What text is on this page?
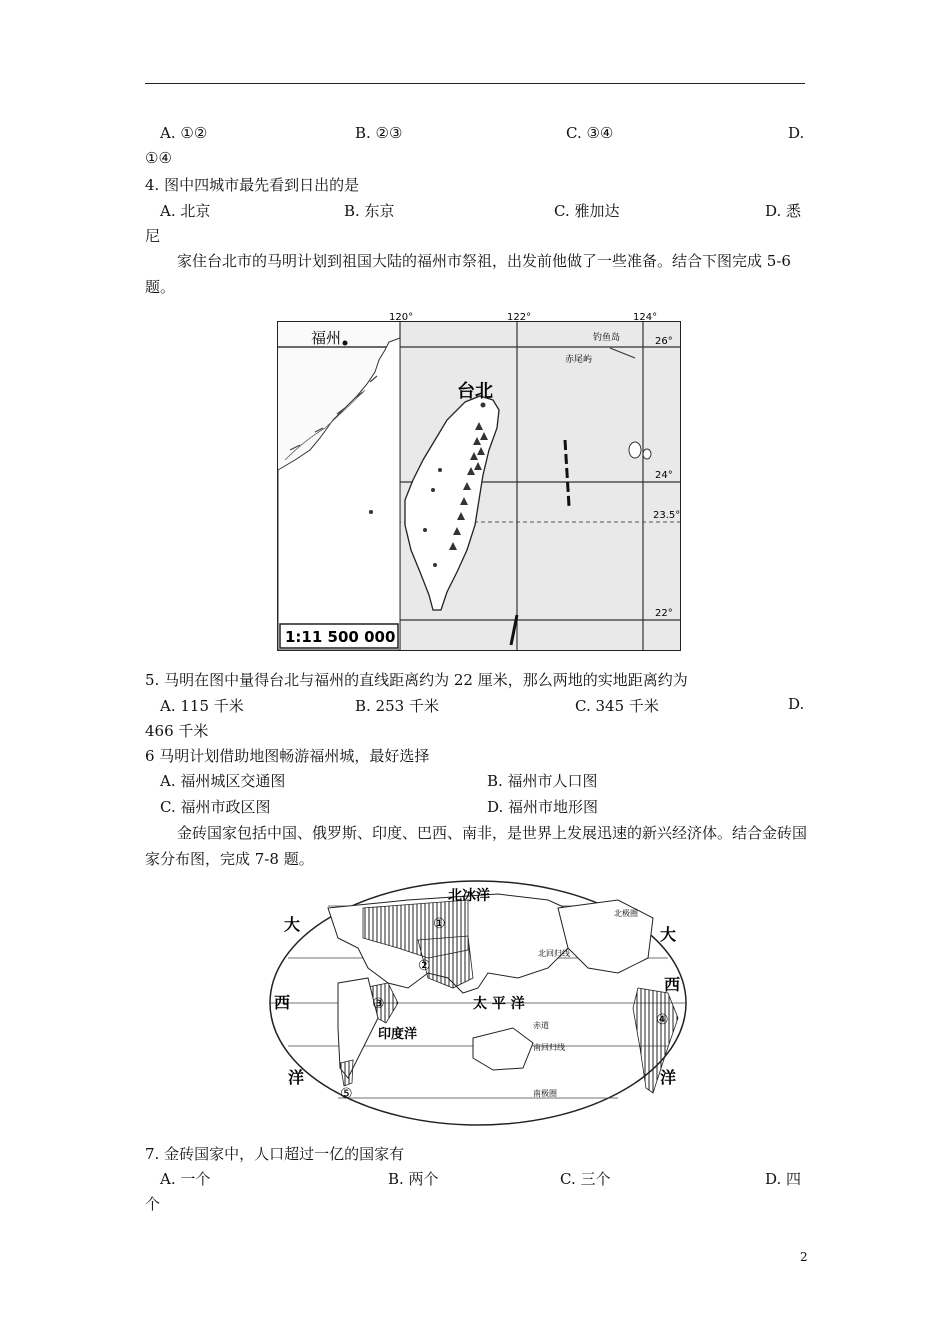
A. ①②	B. ②③	C. ③④	D.
①④
4. 图中四城市最先看到日出的是
A. 北京	B. 东京	C. 雅加达	D. 悉
尼
家住台北市的马明计划到祖国大陆的福州市祭祖，出发前他做了一些准备。结合下图完成 5-6 题。
福州
台北
120°	122°	124°
26°
24°
23.5°
22°
钓鱼岛
赤尾屿
1:11 500 000
5. 马明在图中量得台北与福州的直线距离约为 22 厘米，那么两地的实地距离约为
A. 115 千米	B. 253 千米	C. 345 千米	D.
466 千米
6 马明计划借助地图畅游福州城，最好选择
A. 福州城区交通图	B. 福州市人口图
C. 福州市政区图	D. 福州市地形图
金砖国家包括中国、俄罗斯、印度、巴西、南非，是世界上发展迅速的新兴经济体。结合金砖国家分布图，完成 7-8 题。
北冰洋
太 平 洋
印度洋
大
西
洋
大
西
洋
北极圈
北回归线
赤道
南回归线
南极圈
①
②
③
④
⑤
7. 金砖国家中，人口超过一亿的国家有
A. 一个	B. 两个	C. 三个	D. 四
个
2
